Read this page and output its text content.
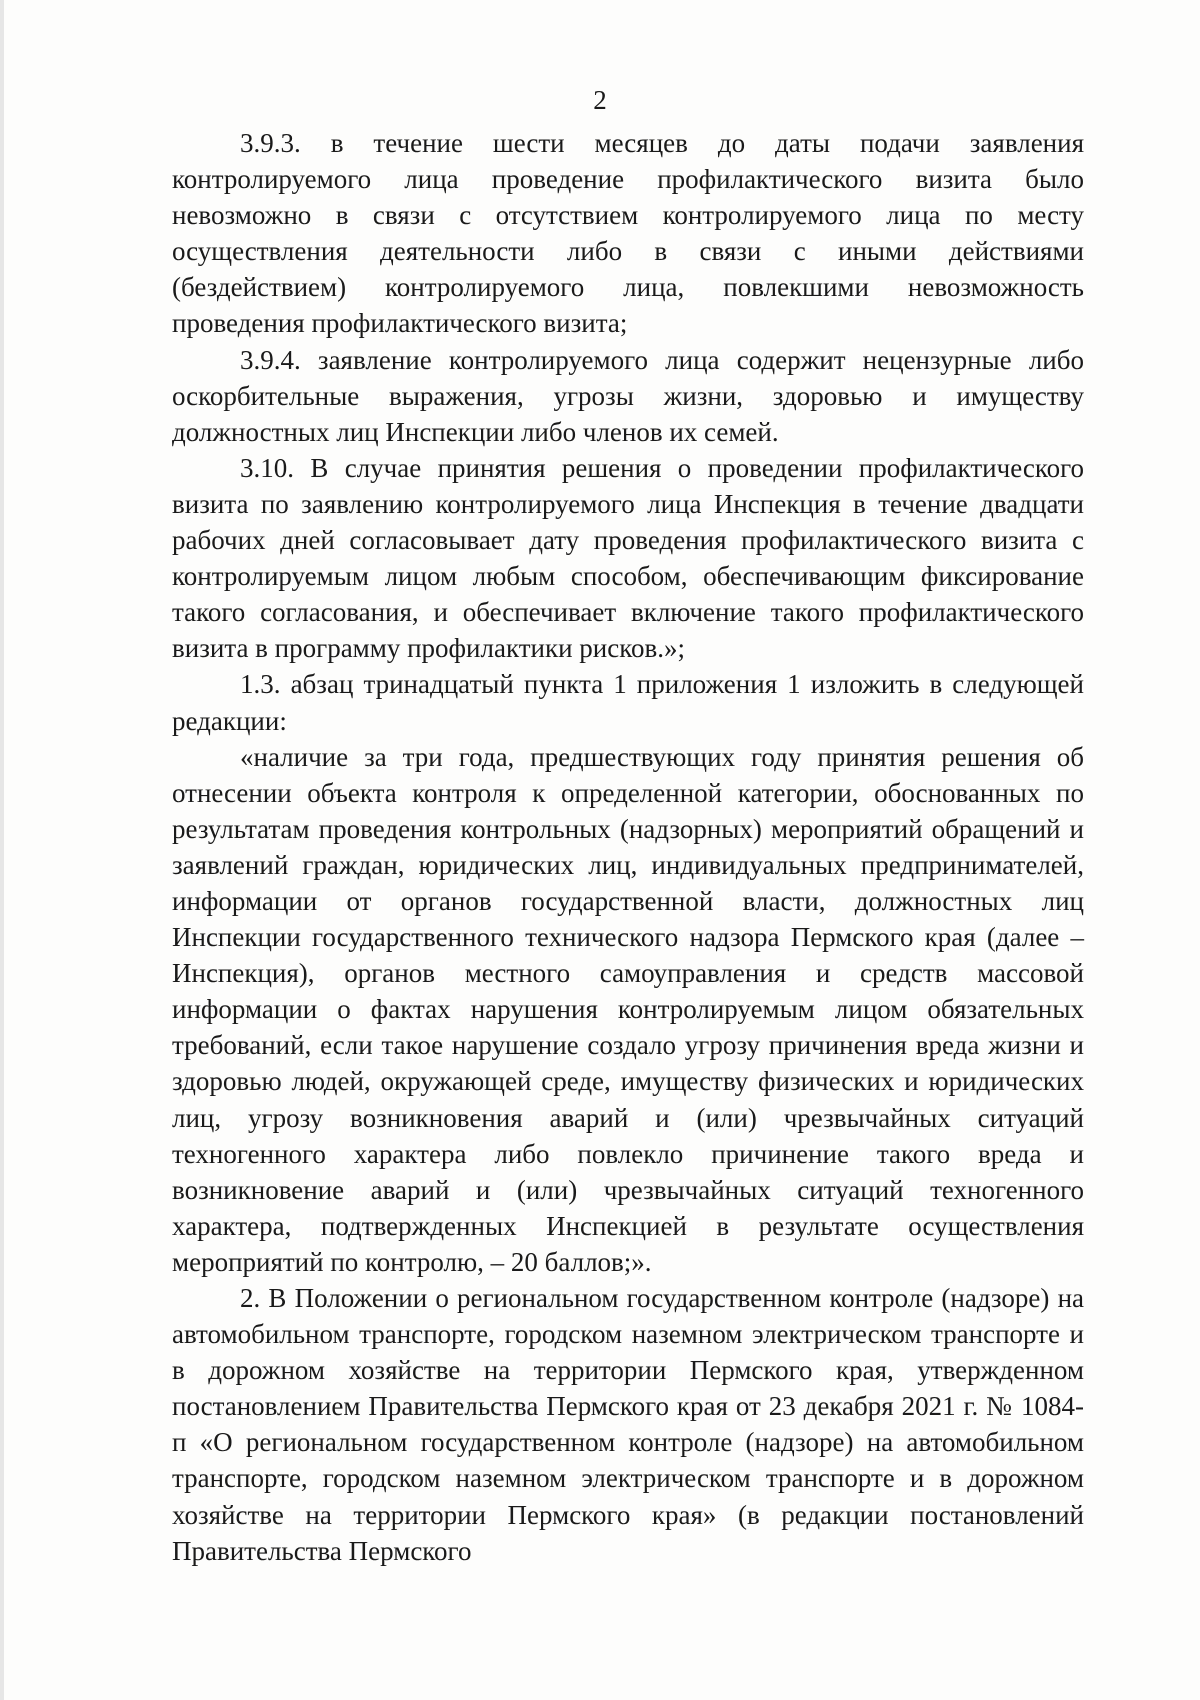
2

3.9.3. в течение шести месяцев до даты подачи заявления контролируемого лица проведение профилактического визита было невозможно в связи с отсутствием контролируемого лица по месту осуществления деятельности либо в связи с иными действиями (бездействием) контролируемого лица, повлекшими невозможность проведения профилактического визита;

3.9.4. заявление контролируемого лица содержит нецензурные либо оскорбительные выражения, угрозы жизни, здоровью и имуществу должностных лиц Инспекции либо членов их семей.

3.10. В случае принятия решения о проведении профилактического визита по заявлению контролируемого лица Инспекция в течение двадцати рабочих дней согласовывает дату проведения профилактического визита с контролируемым лицом любым способом, обеспечивающим фиксирование такого согласования, и обеспечивает включение такого профилактического визита в программу профилактики рисков.»;

1.3. абзац тринадцатый пункта 1 приложения 1 изложить в следующей редакции:

«наличие за три года, предшествующих году принятия решения об отнесении объекта контроля к определенной категории, обоснованных по результатам проведения контрольных (надзорных) мероприятий обращений и заявлений граждан, юридических лиц, индивидуальных предпринимателей, информации от органов государственной власти, должностных лиц Инспекции государственного технического надзора Пермского края (далее – Инспекция), органов местного самоуправления и средств массовой информации о фактах нарушения контролируемым лицом обязательных требований, если такое нарушение создало угрозу причинения вреда жизни и здоровью людей, окружающей среде, имуществу физических и юридических лиц, угрозу возникновения аварий и (или) чрезвычайных ситуаций техногенного характера либо повлекло причинение такого вреда и возникновение аварий и (или) чрезвычайных ситуаций техногенного характера, подтвержденных Инспекцией в результате осуществления мероприятий по контролю, – 20 баллов;».

2. В Положении о региональном государственном контроле (надзоре) на автомобильном транспорте, городском наземном электрическом транспорте и в дорожном хозяйстве на территории Пермского края, утвержденном постановлением Правительства Пермского края от 23 декабря 2021 г. № 1084-п «О региональном государственном контроле (надзоре) на автомобильном транспорте, городском наземном электрическом транспорте и в дорожном хозяйстве на территории Пермского края» (в редакции постановлений Правительства Пермского
